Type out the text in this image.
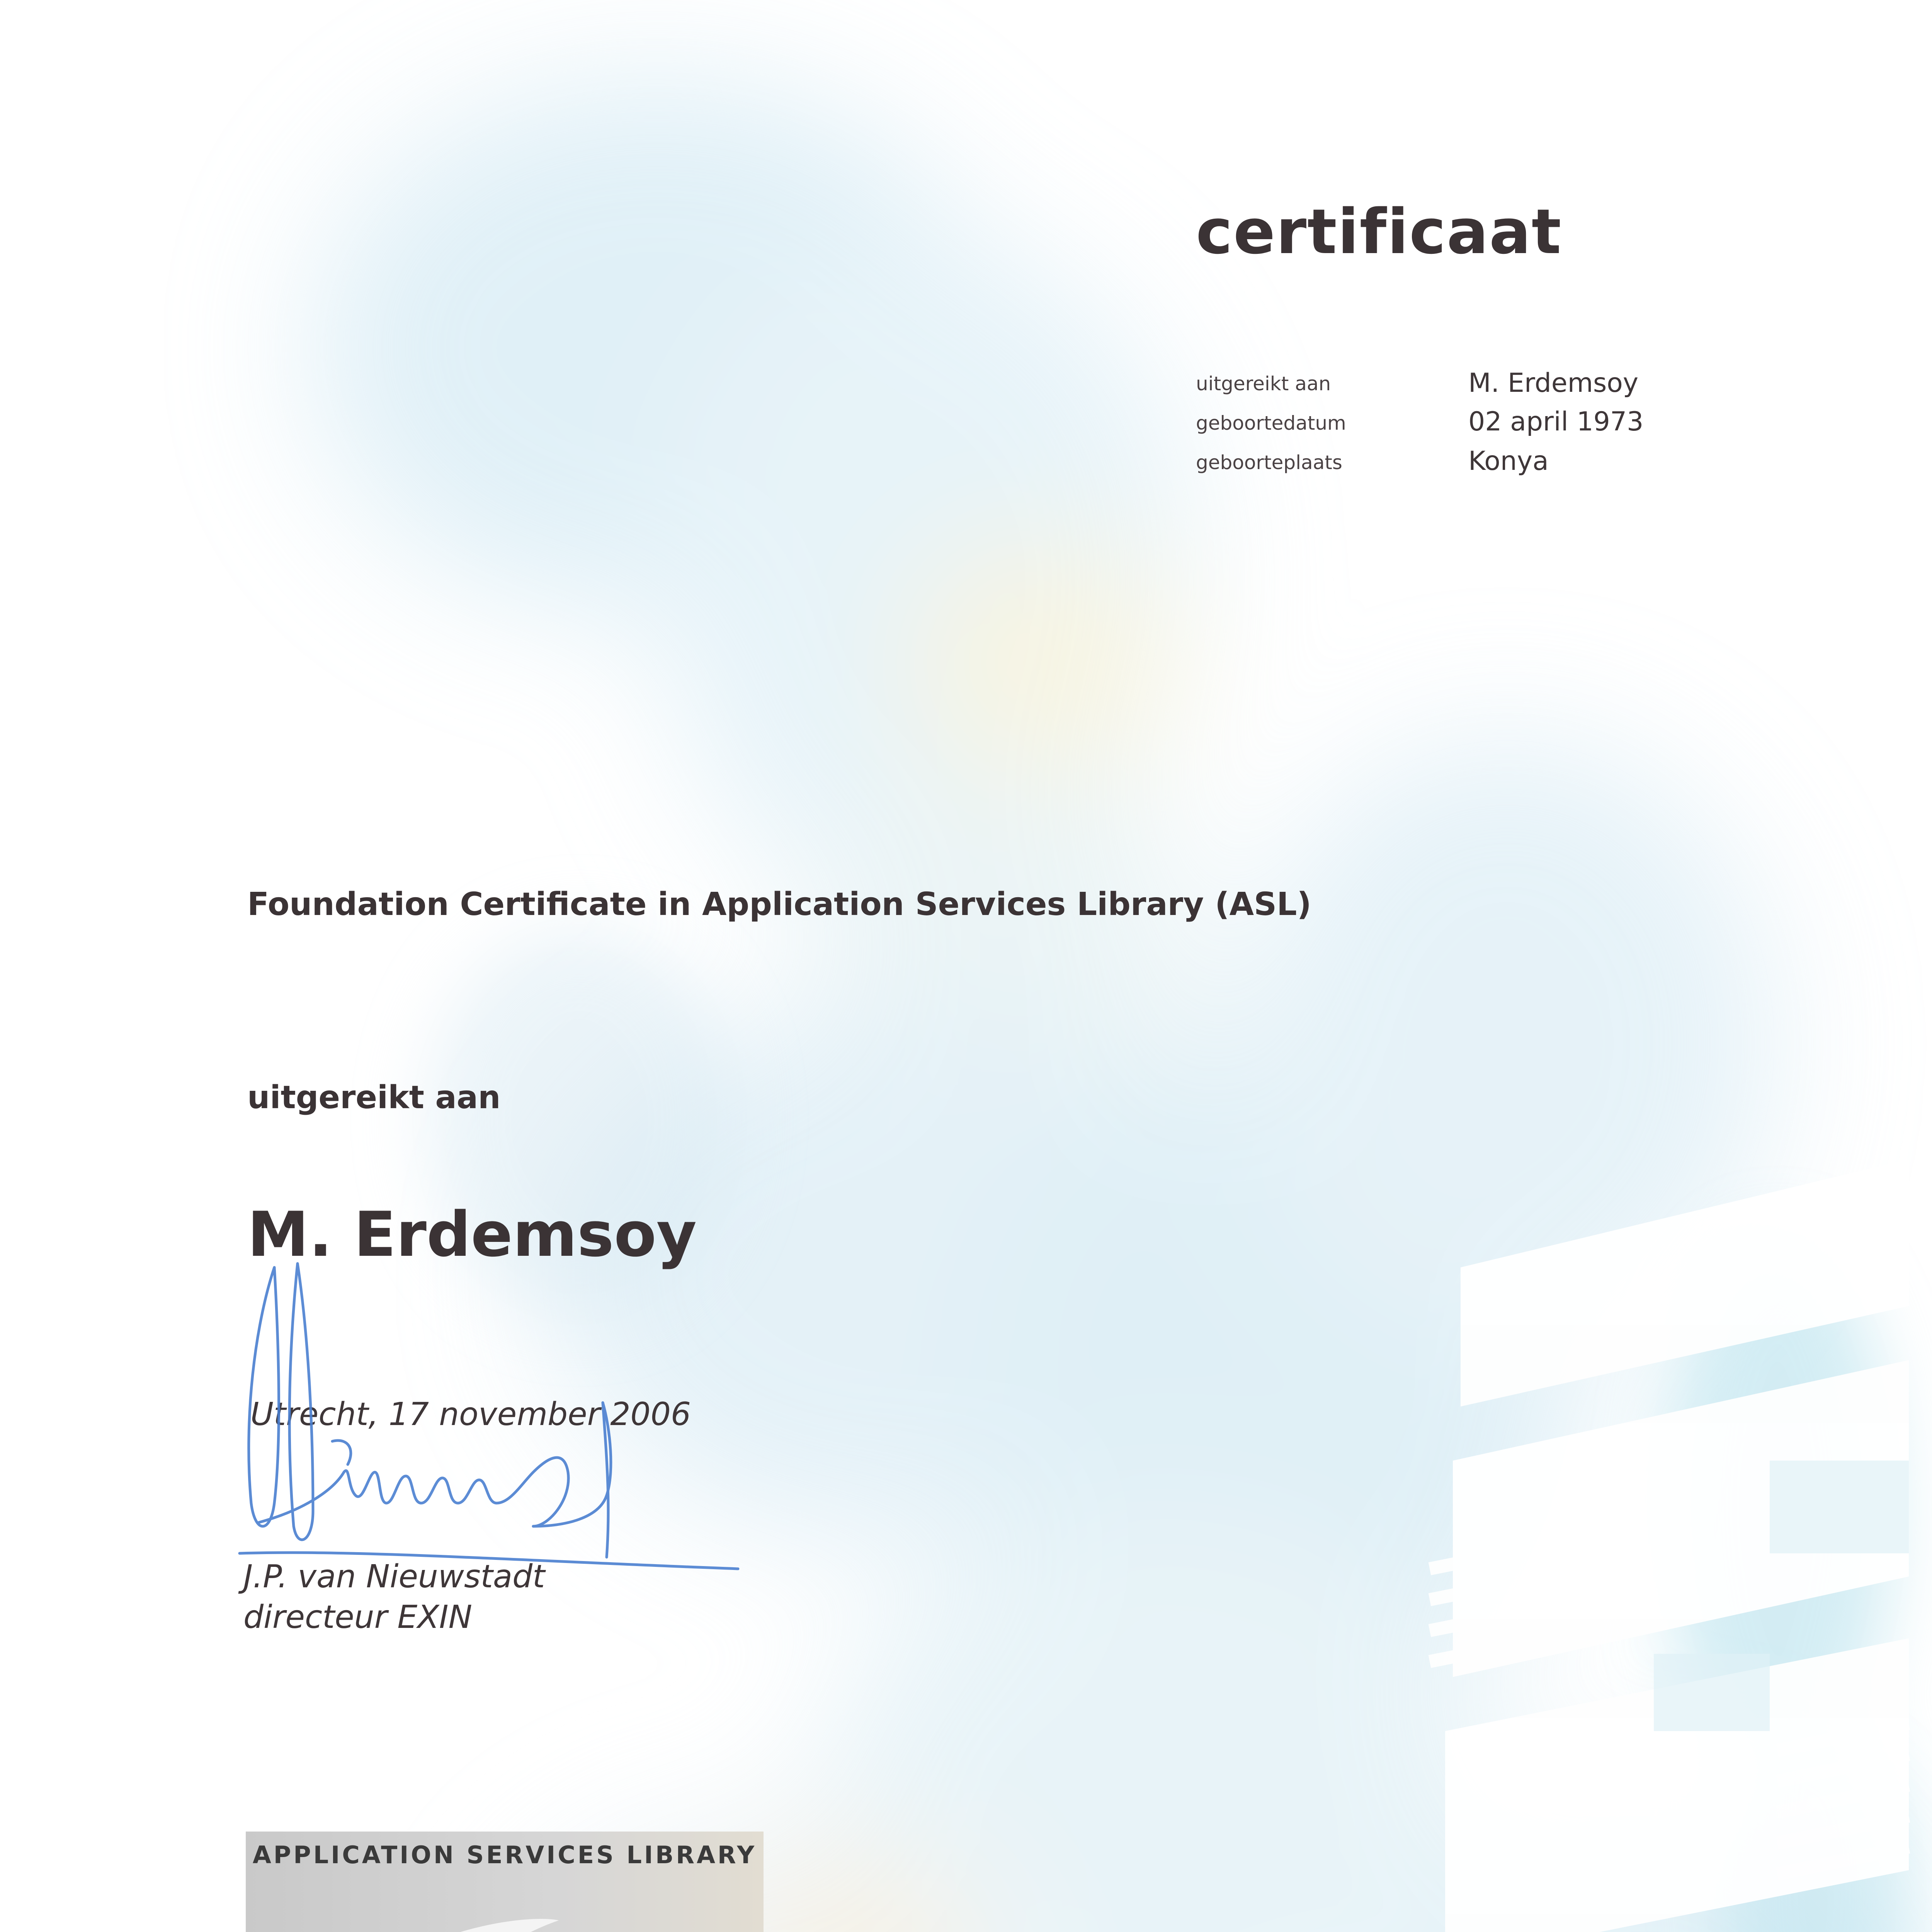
certificaat
uitgereikt aan	M. Erdemsoy
geboortedatum	02 april 1973
geboorteplaats	Konya
Foundation Certificate in Application Services Library (ASL)
uitgereikt aan
M. Erdemsoy
Utrecht, 17 november 2006
J.P. van Nieuwstadt
directeur EXIN
APPLICATION SERVICES LIBRARY
